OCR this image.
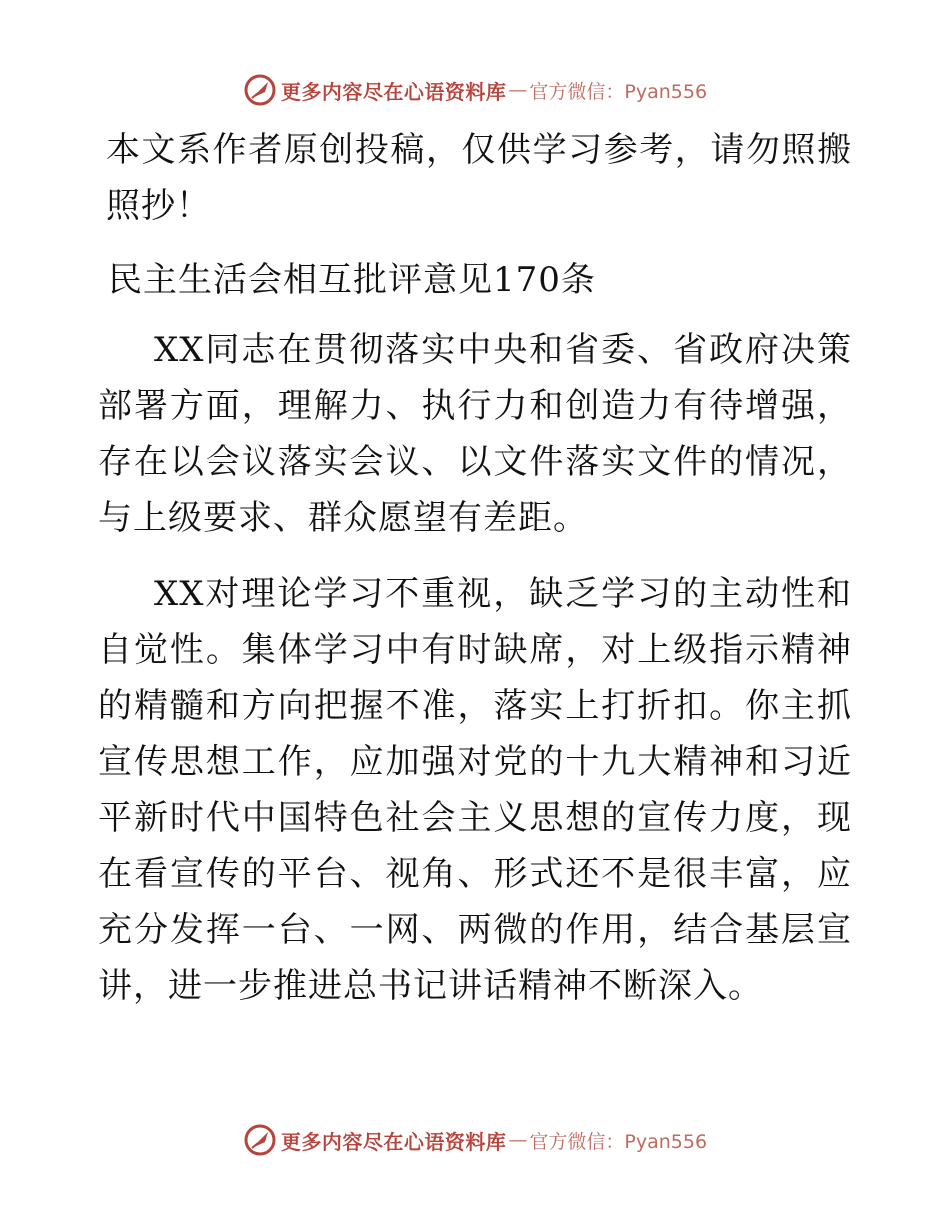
更多内容尽在心语资料库 — 官方微信：Pyan556

本文系作者原创投稿，仅供学习参考，请勿照搬照抄！

民主生活会相互批评意见170条

XX同志在贯彻落实中央和省委、省政府决策部署方面，理解力、执行力和创造力有待增强，存在以会议落实会议、以文件落实文件的情况，与上级要求、群众愿望有差距。

XX对理论学习不重视，缺乏学习的主动性和自觉性。集体学习中有时缺席，对上级指示精神的精髓和方向把握不准，落实上打折扣。你主抓宣传思想工作，应加强对党的十九大精神和习近平新时代中国特色社会主义思想的宣传力度，现在看宣传的平台、视角、形式还不是很丰富，应充分发挥一台、一网、两微的作用，结合基层宣讲，进一步推进总书记讲话精神不断深入。

更多内容尽在心语资料库 — 官方微信：Pyan556
